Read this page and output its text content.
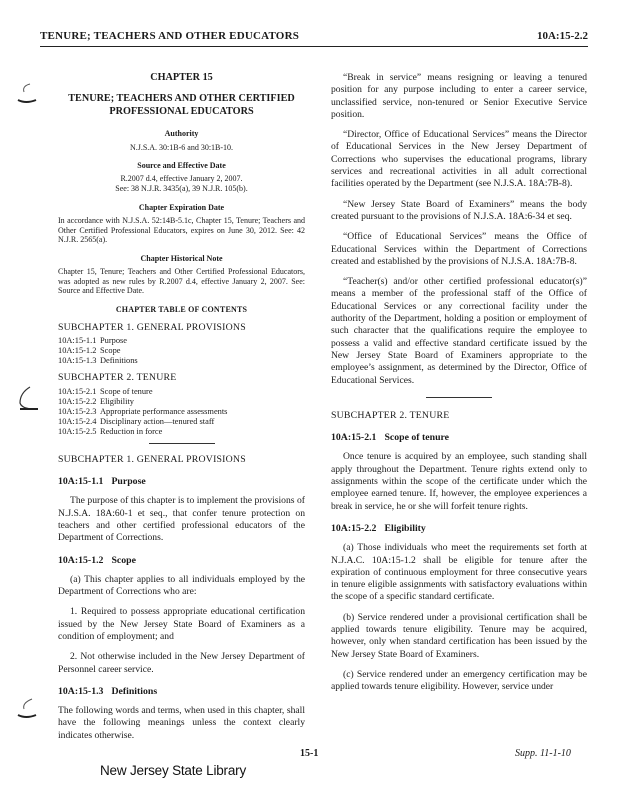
TENURE; TEACHERS AND OTHER EDUCATORS	10A:15-2.2
CHAPTER 15
TENURE; TEACHERS AND OTHER CERTIFIED PROFESSIONAL EDUCATORS
Authority
N.J.S.A. 30:1B-6 and 30:1B-10.
Source and Effective Date
R.2007 d.4, effective January 2, 2007.
See: 38 N.J.R. 3435(a), 39 N.J.R. 105(b).
Chapter Expiration Date
In accordance with N.J.S.A. 52:14B-5.1c, Chapter 15, Tenure; Teachers and Other Certified Professional Educators, expires on June 30, 2012. See: 42 N.J.R. 2565(a).
Chapter Historical Note
Chapter 15, Tenure; Teachers and Other Certified Professional Educators, was adopted as new rules by R.2007 d.4, effective January 2, 2007. See: Source and Effective Date.
CHAPTER TABLE OF CONTENTS
SUBCHAPTER 1. GENERAL PROVISIONS
10A:15-1.1 Purpose
10A:15-1.2 Scope
10A:15-1.3 Definitions
SUBCHAPTER 2. TENURE
10A:15-2.1 Scope of tenure
10A:15-2.2 Eligibility
10A:15-2.3 Appropriate performance assessments
10A:15-2.4 Disciplinary action—tenured staff
10A:15-2.5 Reduction in force
SUBCHAPTER 1. GENERAL PROVISIONS
10A:15-1.1 Purpose

The purpose of this chapter is to implement the provisions of N.J.S.A. 18A:60-1 et seq., that confer tenure protection on teachers and other certified professional educators of the Department of Corrections.

10A:15-1.2 Scope

(a) This chapter applies to all individuals employed by the Department of Corrections who are:

1. Required to possess appropriate educational certification issued by the New Jersey State Board of Examiners as a condition of employment; and

2. Not otherwise included in the New Jersey Department of Personnel career service.

10A:15-1.3 Definitions

The following words and terms, when used in this chapter, shall have the following meanings unless the context clearly indicates otherwise.

“Break in service” means resigning or leaving a tenured position for any purpose including to enter a career service, unclassified service, non-tenured or Senior Executive Service position.

“Director, Office of Educational Services” means the Director of Educational Services in the New Jersey Department of Corrections who supervises the educational programs, library services and recreational activities in all adult correctional facilities operated by the Department (see N.J.S.A. 18A:7B-8).

“New Jersey State Board of Examiners” means the body created pursuant to the provisions of N.J.S.A. 18A:6-34 et seq.

“Office of Educational Services” means the Office of Educational Services within the Department of Corrections created and established by the provisions of N.J.S.A. 18A:7B-8.

“Teacher(s) and/or other certified professional educator(s)” means a member of the professional staff of the Office of Educational Services or any correctional facility under the authority of the Department, holding a position or employment of such character that the qualifications require the employee to possess a valid and effective standard certificate issued by the New Jersey State Board of Examiners appropriate to the employee’s assignment, as determined by the Director, Office of Educational Services.

SUBCHAPTER 2. TENURE
10A:15-2.1 Scope of tenure

Once tenure is acquired by an employee, such standing shall apply throughout the Department. Tenure rights extend only to assignments within the scope of the certificate under which the employee earned tenure. If, however, the employee experiences a break in service, he or she will forfeit tenure rights.

10A:15-2.2 Eligibility

(a) Those individuals who meet the requirements set forth at N.J.A.C. 10A:15-1.2 shall be eligible for tenure after the expiration of continuous employment for three consecutive years in tenure eligible assignments with satisfactory evaluations within the scope of a specific standard certificate.

(b) Service rendered under a provisional certification shall be applied towards tenure eligibility. Tenure may be acquired, however, only when standard certification has been issued by the New Jersey State Board of Examiners.

(c) Service rendered under an emergency certification may be applied towards tenure eligibility. However, service under

New Jersey State Library
15-1	Supp. 11-1-10
